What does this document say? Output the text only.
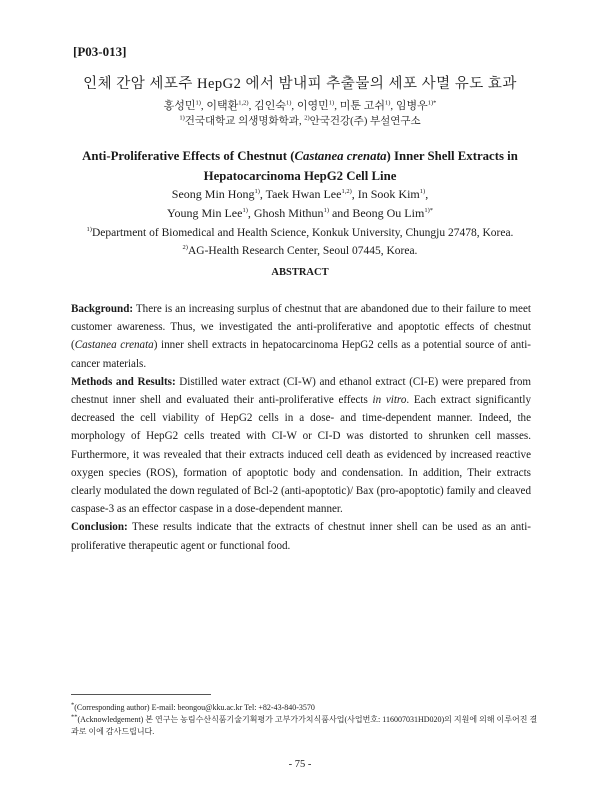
[P03-013]
인체 간암 세포주 HepG2 에서 밤내피 추출물의 세포 사멸 유도 효과
홍성민$^{1)}$, 이택환$^{1,2)}$, 김인숙$^{1)}$, 이영민$^{1)}$, 미툰 고쉬$^{1)}$, 임병우$^{1)*}$
$^{1)}$건국대학교 의생명화학과, $^{2)}$안국건강(주) 부설연구소
Anti-Proliferative Effects of Chestnut (Castanea crenata) Inner Shell Extracts in
Hepatocarcinoma HepG2 Cell Line
Seong Min Hong$^{1)}$, Taek Hwan Lee$^{1,2)}$, In Sook Kim$^{1)}$,
Young Min Lee$^{1)}$, Ghosh Mithun$^{1)}$ and Beong Ou Lim$^{1)*}$
$^{1)}$Department of Biomedical and Health Science, Konkuk University, Chungju 27478, Korea.
$^{2)}$AG-Health Research Center, Seoul 07445, Korea.
ABSTRACT

Background: There is an increasing surplus of chestnut that are abandoned due to their failure to meet customer awareness. Thus, we investigated the anti-proliferative and apoptotic effects of chestnut (Castanea crenata) inner shell extracts in hepatocarcinoma HepG2 cells as a potential source of anti-cancer materials.

Methods and Results: Distilled water extract (CI-W) and ethanol extract (CI-E) were prepared from chestnut inner shell and evaluated their anti-proliferative effects in vitro. Each extract significantly decreased the cell viability of HepG2 cells in a dose- and time-dependent manner. Indeed, the morphology of HepG2 cells treated with CI-W or CI-D was distorted to shrunken cell masses. Furthermore, it was revealed that their extracts induced cell death as evidenced by increased reactive oxygen species (ROS), formation of apoptotic body and condensation. In addition, Their extracts clearly modulated the down regulated of Bcl-2 (anti-apoptotic)/ Bax (pro-apoptotic) family and cleaved caspase-3 as an effector caspase in a dose-dependent manner.

Conclusion: These results indicate that the extracts of chestnut inner shell can be used as an anti-proliferative therapeutic agent or functional food.

*(Corresponding author) E-mail: beongou@kku.ac.kr Tel: +82-43-840-3570
**(Acknowledgement) 본 연구는 농림수산식품기술기획평가 고부가가치식품사업(사업번호: 116007031HD020)의 지원에 의해 이루어진 결과로 이에 감사드립니다.
- 75 -
